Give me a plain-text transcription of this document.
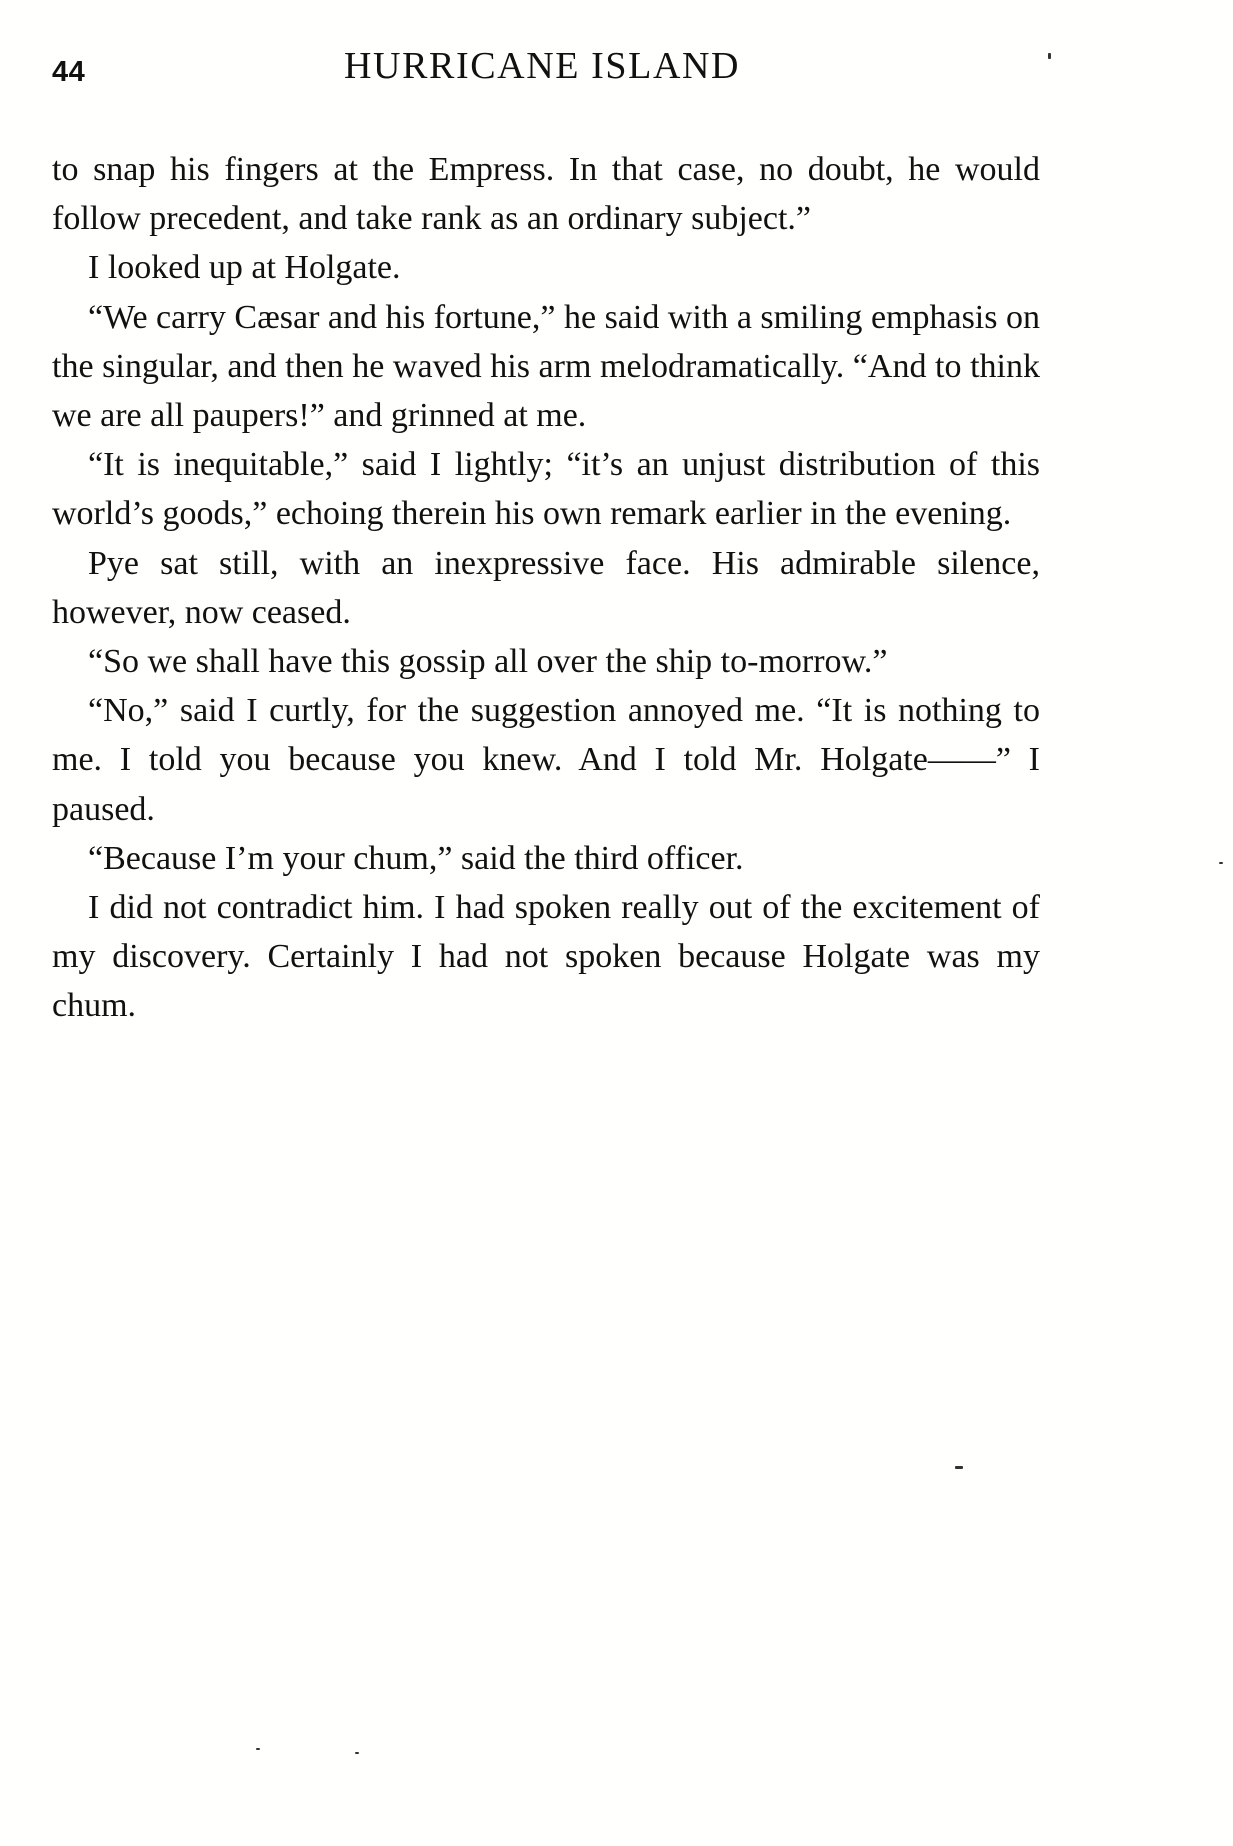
44	HURRICANE ISLAND

to snap his fingers at the Empress. In that case, no doubt, he would follow precedent, and take rank as an ordinary subject.”

I looked up at Holgate.

“We carry Cæsar and his fortune,” he said with a smiling emphasis on the singular, and then he waved his arm melodramatically. “And to think we are all paupers!” and grinned at me.

“It is inequitable,” said I lightly; “it’s an unjust distribution of this world’s goods,” echoing therein his own remark earlier in the evening.

Pye sat still, with an inexpressive face. His admirable silence, however, now ceased.

“So we shall have this gossip all over the ship to-morrow.”

“No,” said I curtly, for the suggestion annoyed me. “It is nothing to me. I told you because you knew. And I told Mr. Holgate——” I paused.

“Because I’m your chum,” said the third officer.

I did not contradict him. I had spoken really out of the excitement of my discovery. Certainly I had not spoken because Holgate was my chum.
